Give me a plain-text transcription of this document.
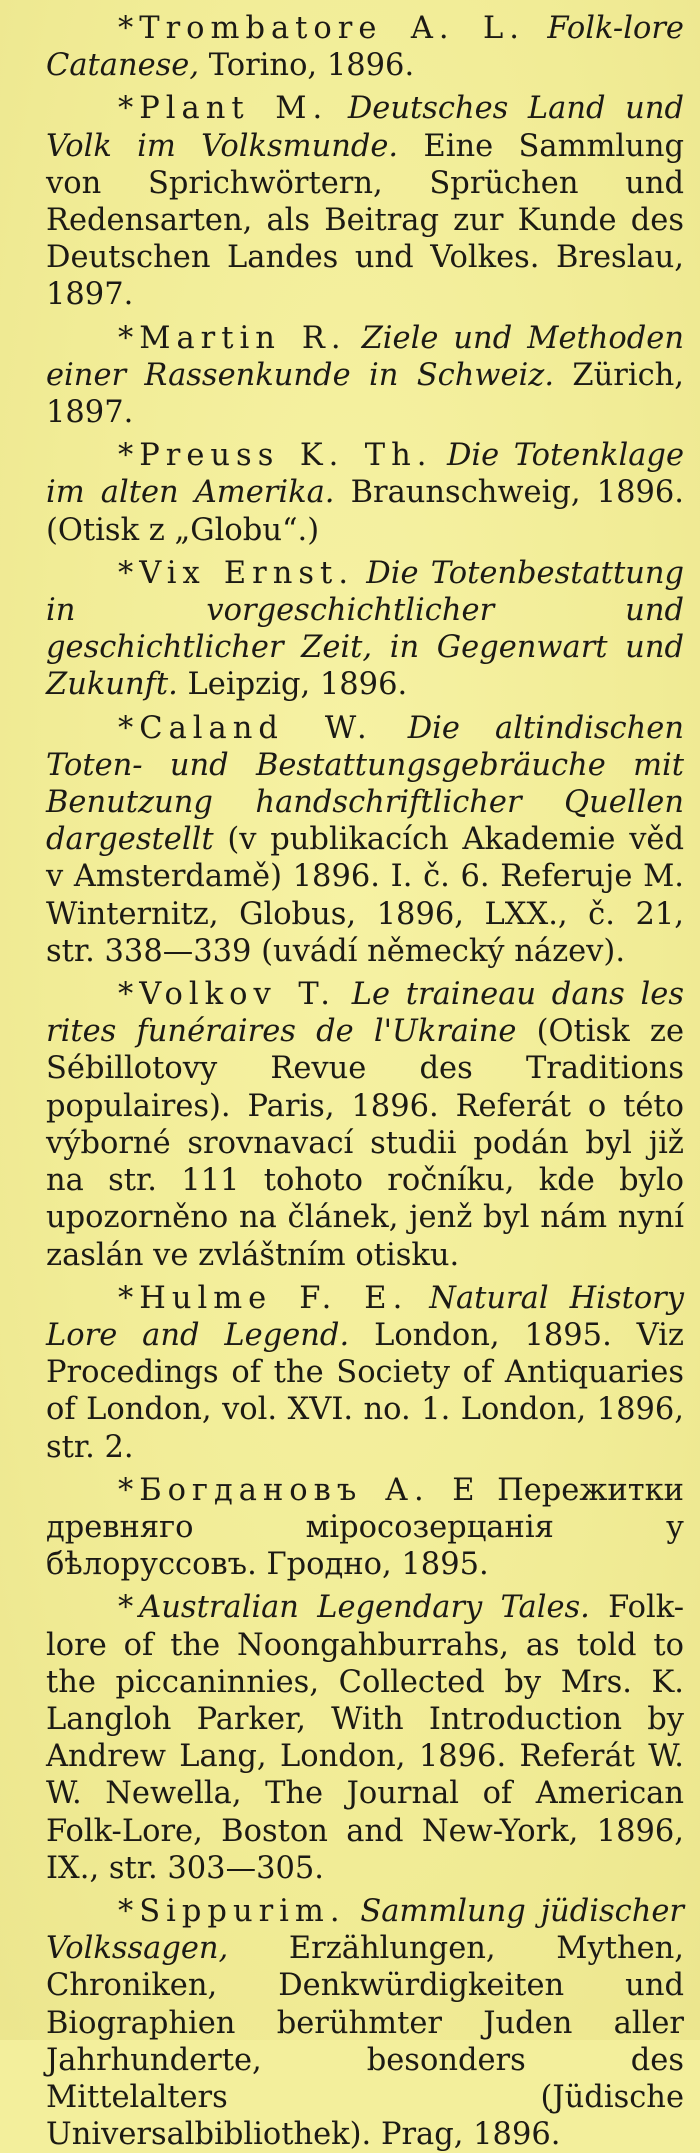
* Trombatore A. L. Folk-lore Catanese, Torino, 1896.

* Plant M. Deutsches Land und Volk im Volksmunde. Eine Sammlung von Sprichwörtern, Sprüchen und Redensarten, als Beitrag zur Kunde des Deutschen Landes und Volkes. Breslau, 1897.

* Martin R. Ziele und Methoden einer Rassenkunde in Schweiz. Zürich, 1897.

* Preuss K. Th. Die Totenklage im alten Amerika. Braunschweig, 1896. (Otisk z „Globu“.)

* Vix Ernst. Die Totenbestattung in vorgeschichtlicher und geschichtlicher Zeit, in Gegenwart und Zukunft. Leipzig, 1896.

* Caland W. Die altindischen Toten- und Bestattungsgebräuche mit Benutzung handschriftlicher Quellen dargestellt (v publikacích Akademie věd v Amsterdamě) 1896. I. č. 6. Referuje M. Winternitz, Globus, 1896, LXX., č. 21, str. 338—339 (uvádí německý název).

* Volkov T. Le traineau dans les rites funéraires de l'Ukraine (Otisk ze Sébillotovy Revue des Traditions populaires). Paris, 1896. Referát o této výborné srovnavací studii podán byl již na str. 111 tohoto ročníku, kde bylo upozorněno na článek, jenž byl nám nyní zaslán ve zvláštním otisku.

* Hulme F. E. Natural History Lore and Legend. London, 1895. Viz Procedings of the Society of Antiquaries of London, vol. XVI. no. 1. London, 1896, str. 2.

* Богдановъ А. Е Пережитки древняго міросозерцанія у бѣлоруссовъ. Гродно, 1895.

* Australian Legendary Tales. Folk-lore of the Noongahburrahs, as told to the piccaninnies, Collected by Mrs. K. Langloh Parker, With Introduction by Andrew Lang, London, 1896. Referát W. W. Newella, The Journal of American Folk-Lore, Boston and New-York, 1896, IX., str. 303—305.

* Sippurim. Sammlung jüdischer Volkssagen, Erzählungen, Mythen, Chroniken, Denkwürdigkeiten und Biographien berühmter Juden aller Jahrhunderte, besonders des Mittelalters (Jüdische Universalbibliothek). Prag, 1896.
